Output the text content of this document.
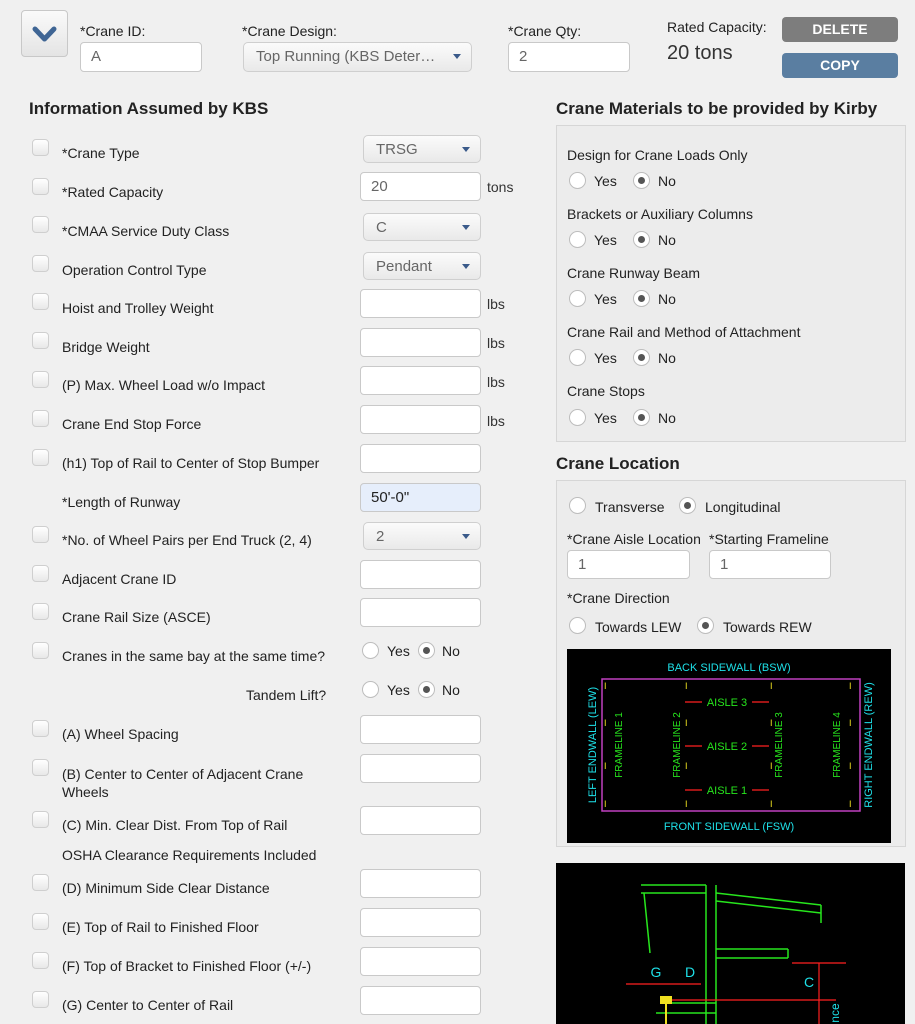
*Crane ID:
A
*Crane Design:
Top Running (KBS Deter…
*Crane Qty:
2
Rated Capacity:
20 tons
DELETE
COPY
Information Assumed by KBS
*Crane Type	TRSG
*Rated Capacity	20	tons
*CMAA Service Duty Class	C
Operation Control Type	Pendant
Hoist and Trolley Weight	lbs
Bridge Weight	lbs
(P) Max. Wheel Load w/o Impact	lbs
Crane End Stop Force	lbs
(h1) Top of Rail to Center of Stop Bumper
*Length of Runway	50'-0"
*No. of Wheel Pairs per End Truck (2, 4)	2
Adjacent Crane ID
Crane Rail Size (ASCE)
Cranes in the same bay at the same time?	Yes No
Tandem Lift?	Yes No
(A) Wheel Spacing
(B) Center to Center of Adjacent Crane Wheels
(C) Min. Clear Dist. From Top of Rail
OSHA Clearance Requirements Included
(D) Minimum Side Clear Distance
(E) Top of Rail to Finished Floor
(F) Top of Bracket to Finished Floor (+/-)
(G) Center to Center of Rail
Crane Materials to be provided by Kirby
Design for Crane Loads Only
Yes	No
Brackets or Auxiliary Columns
Yes	No
Crane Runway Beam
Yes	No
Crane Rail and Method of Attachment
Yes	No
Crane Stops
Yes	No
Crane Location
Transverse	Longitudinal
*Crane Aisle Location *Starting Frameline
1	1
*Crane Direction
Towards LEW	Towards REW
BACK SIDEWALL (BSW)
FRONT SIDEWALL (FSW)
LEFT ENDWALL (LEW)	RIGHT ENDWALL (REW)
FRAMELINE 1	FRAMELINE 2	FRAMELINE 3	FRAMELINE 4
I	I	I	I
I	I	I	I
I	I	I	I
I	I	I	I
AISLE 3
AISLE 2
AISLE 1
G D
C
nce
